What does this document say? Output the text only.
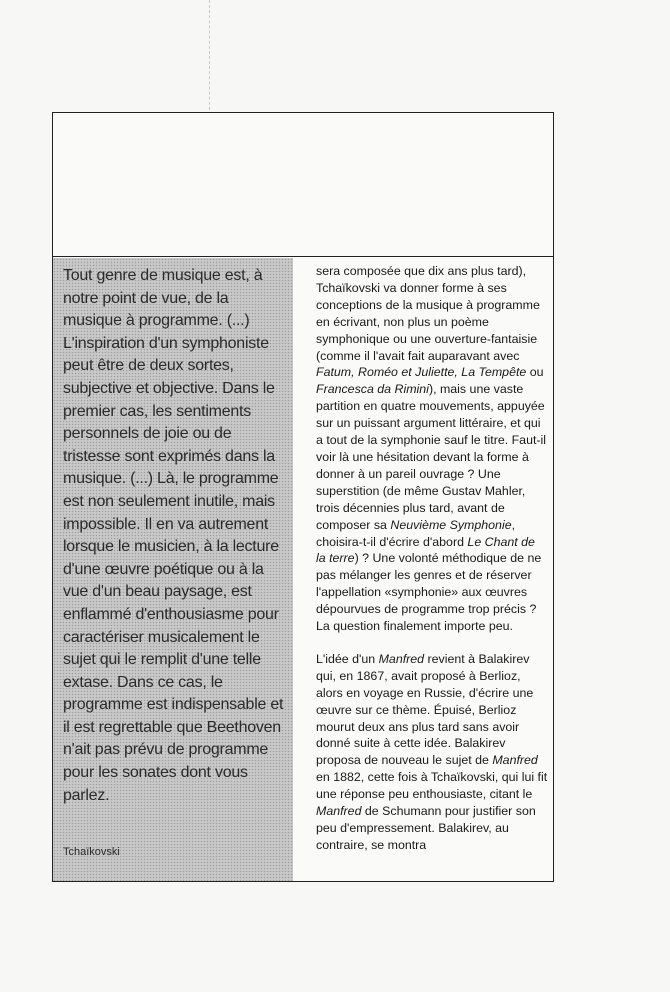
Tout genre de musique est, à notre point de vue, de la musique à programme. (...) L'inspiration d'un symphoniste peut être de deux sortes, subjective et objective. Dans le premier cas, les sentiments personnels de joie ou de tristesse sont exprimés dans la musique. (...) Là, le programme est non seulement inutile, mais impossible. Il en va autrement lorsque le musicien, à la lecture d'une œuvre poétique ou à la vue d'un beau paysage, est enflammé d'enthousiasme pour caractériser musicalement le sujet qui le remplit d'une telle extase. Dans ce cas, le programme est indispensable et il est regrettable que Beethoven n'ait pas prévu de programme pour les sonates dont vous parlez.

Tchaïkovski

sera composée que dix ans plus tard), Tchaïkovski va donner forme à ses conceptions de la musique à programme en écrivant, non plus un poème symphonique ou une ouverture-fantaisie (comme il l'avait fait auparavant avec Fatum, Roméo et Juliette, La Tempête ou Francesca da Rimini), mais une vaste partition en quatre mouvements, appuyée sur un puissant argument littéraire, et qui a tout de la symphonie sauf le titre. Faut-il voir là une hésitation devant la forme à donner à un pareil ouvrage ? Une superstition (de même Gustav Mahler, trois décennies plus tard, avant de composer sa Neuvième Symphonie, choisira-t-il d'écrire d'abord Le Chant de la terre) ? Une volonté méthodique de ne pas mélanger les genres et de réserver l'appellation «symphonie» aux œuvres dépourvues de programme trop précis ? La question finalement importe peu.

L'idée d'un Manfred revient à Balakirev qui, en 1867, avait proposé à Berlioz, alors en voyage en Russie, d'écrire une œuvre sur ce thème. Épuisé, Berlioz mourut deux ans plus tard sans avoir donné suite à cette idée. Balakirev proposa de nouveau le sujet de Manfred en 1882, cette fois à Tchaïkovski, qui lui fit une réponse peu enthousiaste, citant le Manfred de Schumann pour justifier son peu d'empressement. Balakirev, au contraire, se montra
